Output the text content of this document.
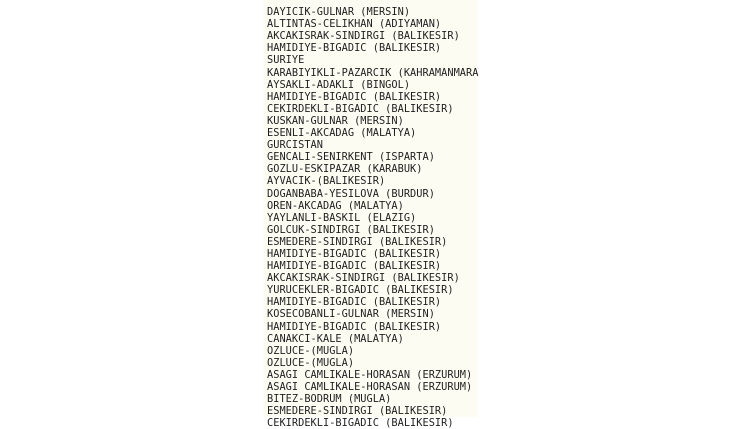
DAYICIK-GULNAR (MERSIN)
ALTINTAS-CELIKHAN (ADIYAMAN)
AKCAKISRAK-SINDIRGI (BALIKESIR)
HAMIDIYE-BIGADIC (BALIKESIR)
SURIYE
KARABIYIKLI-PAZARCIK (KAHRAMANMARA
AYSAKLI-ADAKLI (BINGOL)
HAMIDIYE-BIGADIC (BALIKESIR)
CEKIRDEKLI-BIGADIC (BALIKESIR)
KUSKAN-GULNAR (MERSIN)
ESENLI-AKCADAG (MALATYA)
GURCISTAN
GENCALI-SENIRKENT (ISPARTA)
GOZLU-ESKIPAZAR (KARABUK)
AYVACIK-(BALIKESIR)
DOGANBABA-YESILOVA (BURDUR)
OREN-AKCADAG (MALATYA)
YAYLANLI-BASKIL (ELAZIG)
GOLCUK-SINDIRGI (BALIKESIR)
ESMEDERE-SINDIRGI (BALIKESIR)
HAMIDIYE-BIGADIC (BALIKESIR)
HAMIDIYE-BIGADIC (BALIKESIR)
AKCAKISRAK-SINDIRGI (BALIKESIR)
YURUCEKLER-BIGADIC (BALIKESIR)
HAMIDIYE-BIGADIC (BALIKESIR)
KOSECOBANLI-GULNAR (MERSIN)
HAMIDIYE-BIGADIC (BALIKESIR)
CANAKCI-KALE (MALATYA)
OZLUCE-(MUGLA)
OZLUCE-(MUGLA)
ASAGI CAMLIKALE-HORASAN (ERZURUM)
ASAGI CAMLIKALE-HORASAN (ERZURUM)
BITEZ-BODRUM (MUGLA)
ESMEDERE-SINDIRGI (BALIKESIR)
CEKIRDEKLI-BIGADIC (BALIKESIR)
